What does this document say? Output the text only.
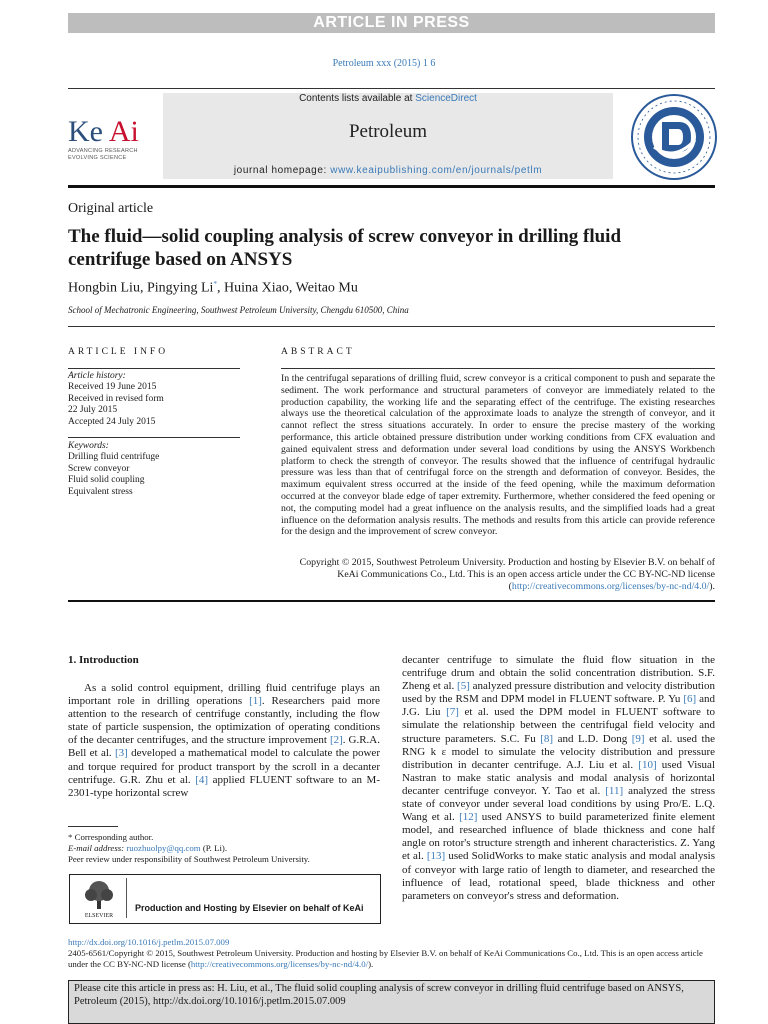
ARTICLE IN PRESS
Petroleum xxx (2015) 1 6
Ke Ai
ADVANCING RESEARCH
EVOLVING SCIENCE
Contents lists available at ScienceDirect
Petroleum
journal homepage: www.keaipublishing.com/en/journals/petlm
Original article
The fluid—solid coupling analysis of screw conveyor in drilling fluid centrifuge based on ANSYS
Hongbin Liu, Pingying Li*, Huina Xiao, Weitao Mu
School of Mechatronic Engineering, Southwest Petroleum University, Chengdu 610500, China
ARTICLE INFO	ABSTRACT
Article history:
Received 19 June 2015
Received in revised form
22 July 2015
Accepted 24 July 2015
Keywords:
Drilling fluid centrifuge
Screw conveyor
Fluid solid coupling
Equivalent stress
In the centrifugal separations of drilling fluid, screw conveyor is a critical component to push and separate the sediment. The work performance and structural parameters of conveyor are immediately related to the production capability, the working life and the separating effect of the centrifuge. The existing researches always use the theoretical calculation of the approximate loads to analyze the strength of conveyor, and it cannot reflect the stress situations accurately. In order to ensure the precise mastery of the working performance, this article obtained pressure distribution under working conditions from CFX evaluation and gained equivalent stress and deformation under several load conditions by using the ANSYS Workbench platform to check the strength of conveyor. The results showed that the influence of centrifugal hydraulic pressure was less than that of centrifugal force on the strength and deformation of conveyor. Besides, the maximum equivalent stress occurred at the inside of the feed opening, while the maximum deformation occurred at the conveyor blade edge of taper extremity. Furthermore, whether considered the feed opening or not, the computing model had a great influence on the analysis results, and the simplified loads had a great influence on the deformation analysis results. The methods and results from this article can provide reference for the design and the improvement of screw conveyor.
Copyright © 2015, Southwest Petroleum University. Production and hosting by Elsevier B.V. on behalf of KeAi Communications Co., Ltd. This is an open access article under the CC BY-NC-ND license (http://creativecommons.org/licenses/by-nc-nd/4.0/).
1. Introduction

As a solid control equipment, drilling fluid centrifuge plays an important role in drilling operations [1]. Researchers paid more attention to the research of centrifuge constantly, including the flow state of particle suspension, the optimization of operating conditions of the decanter centrifuges, and the structure improvement [2]. G.R.A. Bell et al. [3] developed a mathematical model to calculate the power and torque required for product transport by the scroll in a decanter centrifuge. G.R. Zhu et al. [4] applied FLUENT software to an M-2301-type horizontal screw

* Corresponding author.
E-mail address: ruozhuolpy@qq.com (P. Li).
Peer review under responsibility of Southwest Petroleum University.
ELSEVIER
Production and Hosting by Elsevier on behalf of KeAi
decanter centrifuge to simulate the fluid flow situation in the centrifuge drum and obtain the solid concentration distribution. S.F. Zheng et al. [5] analyzed pressure distribution and velocity distribution used by the RSM and DPM model in FLUENT software. P. Yu [6] and J.G. Liu [7] et al. used the DPM model in FLUENT software to simulate the relationship between the centrifugal field velocity and structure parameters. S.C. Fu [8] and L.D. Dong [9] et al. used the RNG k ε model to simulate the velocity distribution and pressure distribution in decanter centrifuge. A.J. Liu et al. [10] used Visual Nastran to make static analysis and modal analysis of horizontal decanter centrifuge conveyor. Y. Tao et al. [11] analyzed the stress state of conveyor under several load conditions by using Pro/E. L.Q. Wang et al. [12] used ANSYS to build parameterized finite element model, and researched influence of blade thickness and cone half angle on rotor's structure strength and inherent characteristics. Z. Yang et al. [13] used SolidWorks to make static analysis and modal analysis of conveyor with large ratio of length to diameter, and researched the influence of lead, rotational speed, blade thickness and other parameters on conveyor's stress and deformation.
http://dx.doi.org/10.1016/j.petlm.2015.07.009
2405-6561/Copyright © 2015, Southwest Petroleum University. Production and hosting by Elsevier B.V. on behalf of KeAi Communications Co., Ltd. This is an open access article under the CC BY-NC-ND license (http://creativecommons.org/licenses/by-nc-nd/4.0/).
Please cite this article in press as: H. Liu, et al., The fluid solid coupling analysis of screw conveyor in drilling fluid centrifuge based on ANSYS, Petroleum (2015), http://dx.doi.org/10.1016/j.petlm.2015.07.009
